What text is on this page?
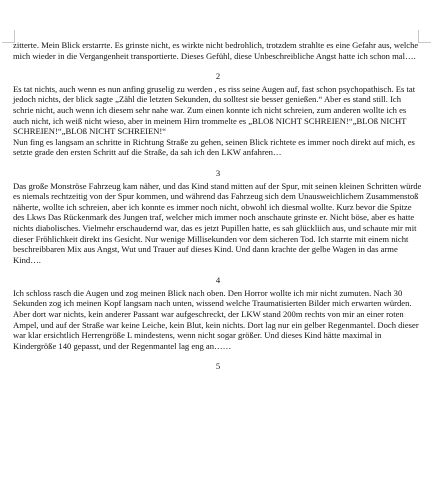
zitterte. Mein Blick erstarrte. Es grinste nicht, es wirkte nicht bedrohlich, trotzdem strahlte es eine Gefahr aus, welche mich wieder in die Vergangenheit transportierte. Dieses Gefühl, diese Unbeschreibliche Angst hatte ich schon mal….

2

Es tat nichts, auch wenn es nun anfing gruselig zu werden , es riss seine Augen auf, fast schon psychopathisch. Es tat jedoch nichts, der blick sagte „Zähl die letzten Sekunden, du solltest sie besser genießen.“ Aber es stand still. Ich schrie nicht, auch wenn ich diesem sehr nahe war. Zum einen konnte ich nicht schreien, zum anderen wollte ich es auch nicht, ich weiß nicht wieso, aber in meinem Hirn trommelte es „BLOß NICHT SCHREIEN!“„BLOß NICHT SCHREIEN!“„BLOß NICHT SCHREIEN!“

Nun fing es langsam an schritte in Richtung Straße zu gehen, seinen Blick richtete es immer noch direkt auf mich, es setzte grade den ersten Schritt auf die Straße, da sah ich den LKW anfahren…

3

Das große Monströse Fahrzeug kam näher, und das Kind stand mitten auf der Spur, mit seinen kleinen Schritten würde es niemals rechtzeitig von der Spur kommen, und während das Fahrzeug sich dem Unausweichlichem Zusammenstoß näherte, wollte ich schreien, aber ich konnte es immer noch nicht, obwohl ich diesmal wollte. Kurz bevor die Spitze des Lkws Das Rückenmark des Jungen traf, welcher mich immer noch anschaute grinste er. Nicht böse, aber es hatte nichts diabolisches. Vielmehr erschaudernd war, das es jetzt Pupillen hatte, es sah glückliich aus, und schaute mir mit dieser Fröhlichkeit direkt ins Gesicht. Nur wenige Millisekunden vor dem sicheren Tod. Ich starrte mit einem nicht beschreibbaren Mix aus Angst, Wut und Trauer auf dieses Kind. Und dann krachte der gelbe Wagen in das arme Kind….

4

Ich schloss rasch die Augen und zog meinen Blick nach oben. Den Horror wollte ich mir nicht zumuten. Nach 30 Sekunden zog ich meinen Kopf langsam nach unten, wissend welche Traumatisierten Bilder mich erwarten würden. Aber dort war nichts, kein anderer Passant war aufgeschreckt, der LKW stand 200m rechts von mir an einer roten Ampel, und auf der Straße war keine Leiche, kein Blut, kein nichts. Dort lag nur ein gelber Regenmantel. Doch dieser war klar ersichtlich Herrengröße L mindestens, wenn nicht sogar größer. Und dieses Kind hätte maximal in Kindergröße 140 gepasst, und der Regenmantel lag eng an……

5
